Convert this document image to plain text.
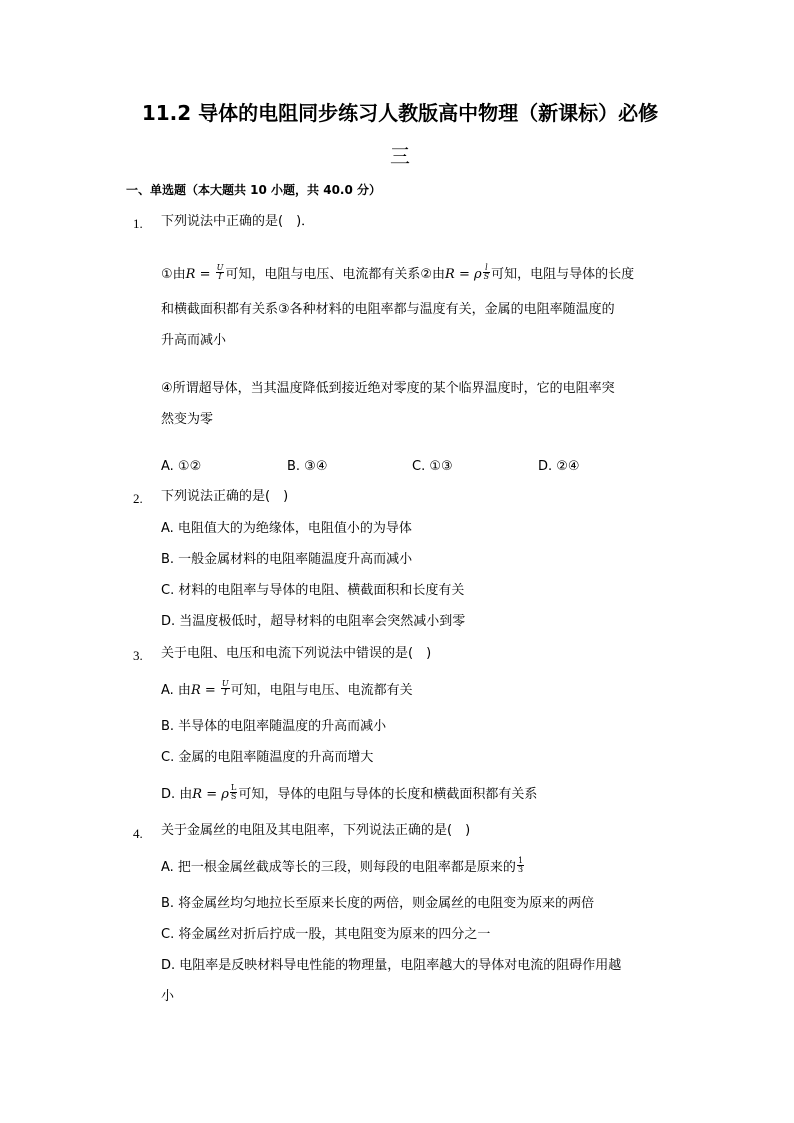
11.2 导体的电阻同步练习人教版高中物理（新课标）必修
三
一、单选题（本大题共 10 小题，共 40.0 分）
1. 下列说法中正确的是(　)．
①由$R = \frac{U}{I}$ 可知，电阻与电压、电流都有关系②由R = ρ $\frac{l}{S}$ 可知，电阻与导体的长度
和横截面积都有关系③各种材料的电阻率都与温度有关，金属的电阻率随温度的
升高而减小
④所谓超导体，当其温度降低到接近绝对零度的某个临界温度时，它的电阻率突
然变为零
A. ①②	B. ③④	C. ①③	D. ②④
2. 下列说法正确的是(　)
A. 电阻值大的为绝缘体，电阻值小的为导体
B. 一般金属材料的电阻率随温度升高而减小
C. 材料的电阻率与导体的电阻、横截面积和长度有关
D. 当温度极低时，超导材料的电阻率会突然减小到零
3. 关于电阻、电压和电流下列说法中错误的是(　)
A. 由$R = \frac{U}{I}$ 可知，电阻与电压、电流都有关
B. 半导体的电阻率随温度的升高而减小
C. 金属的电阻率随温度的升高而增大
D. 由R = ρ $\frac{L}{S}$ 可知，导体的电阻与导体的长度和横截面积都有关系
4. 关于金属丝的电阻及其电阻率，下列说法正确的是(　)
A. 把一根金属丝截成等长的三段，则每段的电阻率都是原来的 $\frac{1}{3}$
B. 将金属丝均匀地拉长至原来长度的两倍，则金属丝的电阻变为原来的两倍
C. 将金属丝对折后拧成一股，其电阻变为原来的四分之一
D. 电阻率是反映材料导电性能的物理量，电阻率越大的导体对电流的阻碍作用越
小
